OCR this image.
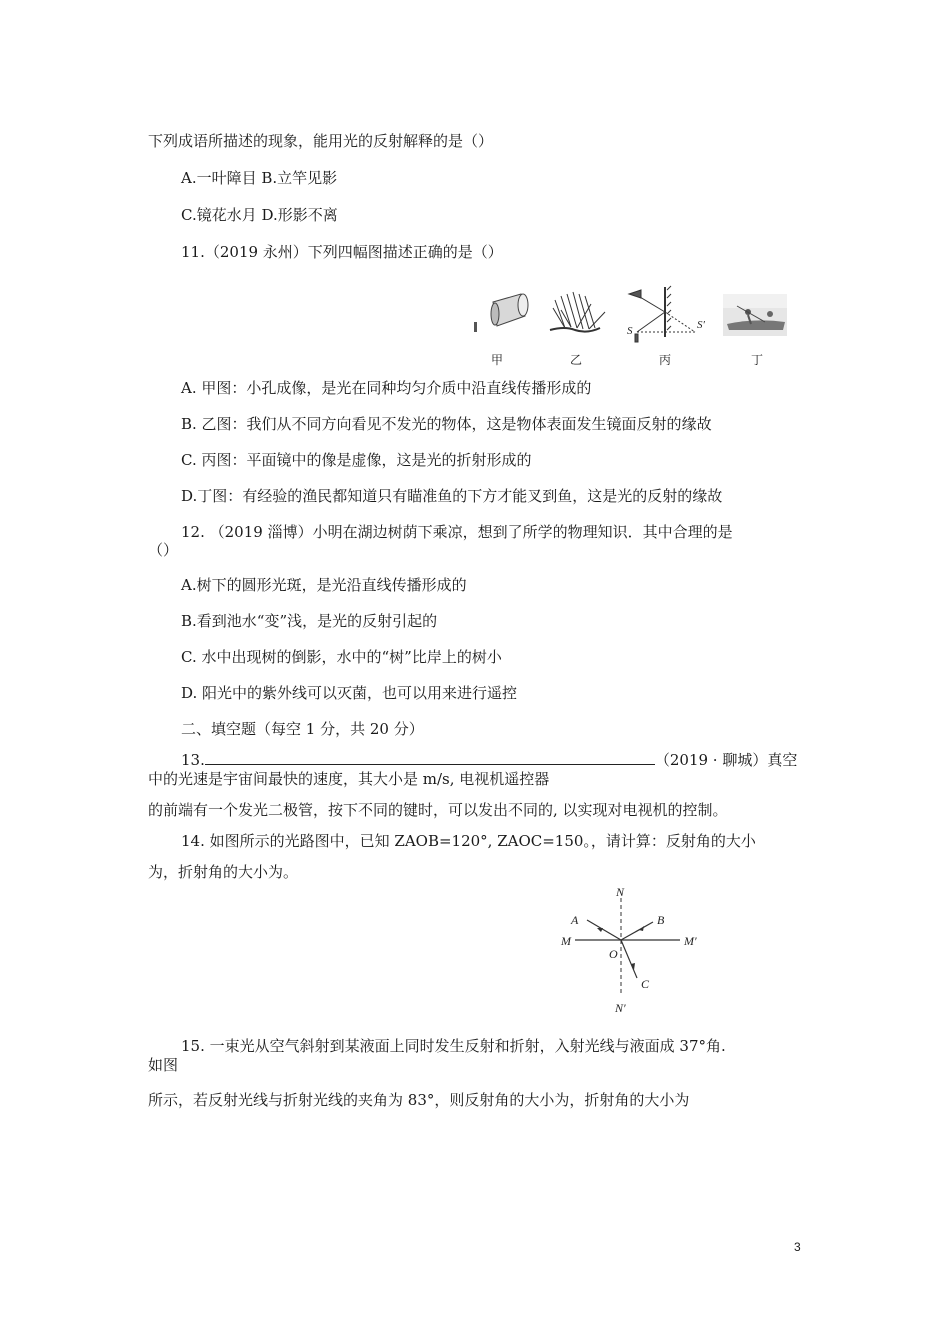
下列成语所描述的现象，能用光的反射解释的是（）
A.一叶障目 B.立竿见影
C.镜花水月 D.形影不离
11.（2019 永州）下列四幅图描述正确的是（）
S	S′
甲	乙	丙	丁
A. 甲图：小孔成像，是光在同种均匀介质中沿直线传播形成的
B. 乙图：我们从不同方向看见不发光的物体，这是物体表面发生镜面反射的缘故
C. 丙图：平面镜中的像是虚像，这是光的折射形成的
D.丁图：有经验的渔民都知道只有瞄准鱼的下方才能叉到鱼，这是光的反射的缘故
12. （2019 淄博）小明在湖边树荫下乘凉，想到了所学的物理知识．其中合理的是
（）
A.树下的圆形光斑，是光沿直线传播形成的
B.看到池水“变”浅，是光的反射引起的
C. 水中出现树的倒影，水中的“树”比岸上的树小
D. 阳光中的紫外线可以灭菌，也可以用来进行遥控
二、填空题（每空 1 分，共 20 分）
13.	（2019 · 聊城）真空
中的光速是宇宙间最快的速度，其大小是 m/s, 电视机遥控器
的前端有一个发光二极管，按下不同的键时，可以发出不同的, 以实现对电视机的控制。
14. 如图所示的光路图中，已知 ZAOB=120°, ZAOC=150。，请计算：反射角的大小
为，折射角的大小为。
N
A	B
M
O
M′
C
N′
15. 一束光从空气斜射到某液面上同时发生反射和折射，入射光线与液面成 37°角.
如图
所示，若反射光线与折射光线的夹角为 83°，则反射角的大小为，折射角的大小为
3
